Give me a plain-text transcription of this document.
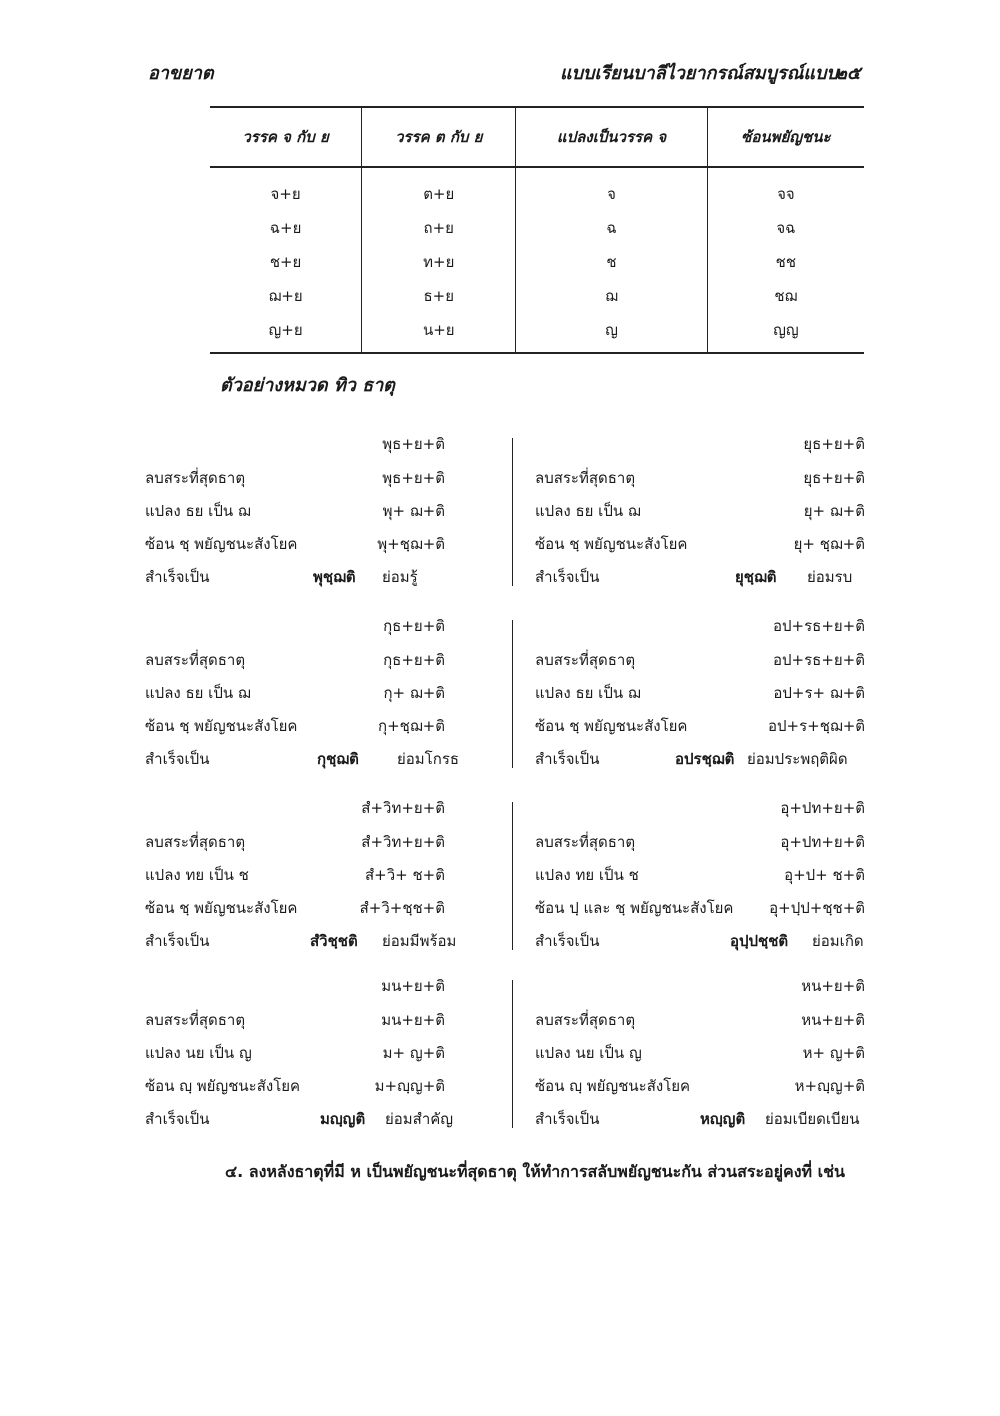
อาขยาต	แบบเรียนบาลีไวยากรณ์สมบูรณ์แบบ
๒๕
วรรค จ กับ ย	วรรค ต กับ ย	แปลงเป็นวรรค จ	ซ้อนพยัญชนะ
จ+ย	ต+ย	จ	จจ
ฉ+ย	ถ+ย	ฉ	จฉ
ช+ย	ท+ย	ช	ชช
ฌ+ย	ธ+ย	ฌ	ชฌ
ญ+ย	น+ย	ญ	ญญ
ตัวอย่างหมวด ทิว ธาตุ
พุธ+ย+ติ
ลบสระที่สุดธาตุ	พุธ+ย+ติ
แปลง ธย เป็น ฌ	พุ+ ฌ+ติ
ซ้อน ชฺ พยัญชนะสังโยค	พุ+ชฺฌ+ติ
สำเร็จเป็น	พุชฺฌติ ย่อมรู้
ยุธ+ย+ติ
ลบสระที่สุดธาตุ	ยุธ+ย+ติ
แปลง ธย เป็น ฌ	ยุ+ ฌ+ติ
ซ้อน ชฺ พยัญชนะสังโยค	ยุ+ ชฺฌ+ติ
สำเร็จเป็น	ยุชฺฌติ ย่อมรบ
กุธ+ย+ติ
ลบสระที่สุดธาตุ	กุธ+ย+ติ
แปลง ธย เป็น ฌ	กุ+ ฌ+ติ
ซ้อน ชฺ พยัญชนะสังโยค	กุ+ชฺฌ+ติ
สำเร็จเป็น	กุชฺฌติ	ย่อมโกรธ
อป+รธ+ย+ติ
ลบสระที่สุดธาตุ	อป+รธ+ย+ติ
แปลง ธย เป็น ฌ	อป+ร+ ฌ+ติ
ซ้อน ชฺ พยัญชนะสังโยค	อป+ร+ชฺฌ+ติ
สำเร็จเป็น	อปรชฺฌติ ย่อมประพฤติผิด
สํ+วิท+ย+ติ
ลบสระที่สุดธาตุ	สํ+วิท+ย+ติ
แปลง ทย เป็น ช	สํ+วิ+ ช+ติ
ซ้อน ชฺ พยัญชนะสังโยค	สํ+วิ+ชฺช+ติ
สำเร็จเป็น	สํวิชฺชติ ย่อมมีพร้อม
อุ+ปท+ย+ติ
ลบสระที่สุดธาตุ	อุ+ปท+ย+ติ
แปลง ทย เป็น ช	อุ+ป+ ช+ติ
ซ้อน ปฺ และ ชฺ พยัญชนะสังโยค อุ+ปฺป+ชฺช+ติ
สำเร็จเป็น	อุปฺปชฺชติ ย่อมเกิด
มน+ย+ติ
ลบสระที่สุดธาตุ	มน+ย+ติ
แปลง นย เป็น ญ	ม+ ญ+ติ
ซ้อน ญฺ พยัญชนะสังโยค	ม+ญฺญ+ติ
สำเร็จเป็น	มญฺญติ ย่อมสำคัญ
หน+ย+ติ
ลบสระที่สุดธาตุ	หน+ย+ติ
แปลง นย เป็น ญ	ห+ ญ+ติ
ซ้อน ญฺ พยัญชนะสังโยค	ห+ญฺญ+ติ
สำเร็จเป็น	หญฺญติ ย่อมเบียดเบียน
๔. ลงหลังธาตุที่มี ห เป็นพยัญชนะที่สุดธาตุ ให้ทำการสลับพยัญชนะกัน ส่วนสระอยู่คงที่ เช่น
